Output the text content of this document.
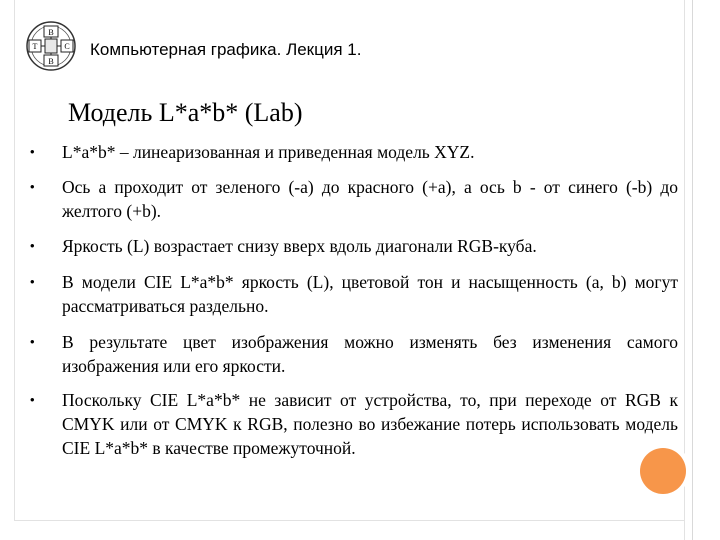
B
T	C
B
Компьютерная графика. Лекция 1.
Модель L*a*b* (Lab)
• L*a*b* – линеаризованная и приведенная модель XYZ.
• Ось a проходит от зеленого (-a) до красного (+a), а ось b - от синего (-b) до желтого (+b).
• Яркость (L) возрастает снизу вверх вдоль диагонали RGB-куба.
• В модели CIE L*a*b* яркость (L), цветовой тон и насыщенность (a, b) могут рассматриваться раздельно.
• В результате цвет изображения можно изменять без изменения самого изображения или его яркости.
• Поскольку CIE L*a*b* не зависит от устройства, то, при переходе от RGB к CMYK или от CMYK к RGB, полезно во избежание потерь использовать модель CIE L*a*b* в качестве промежуточной.
